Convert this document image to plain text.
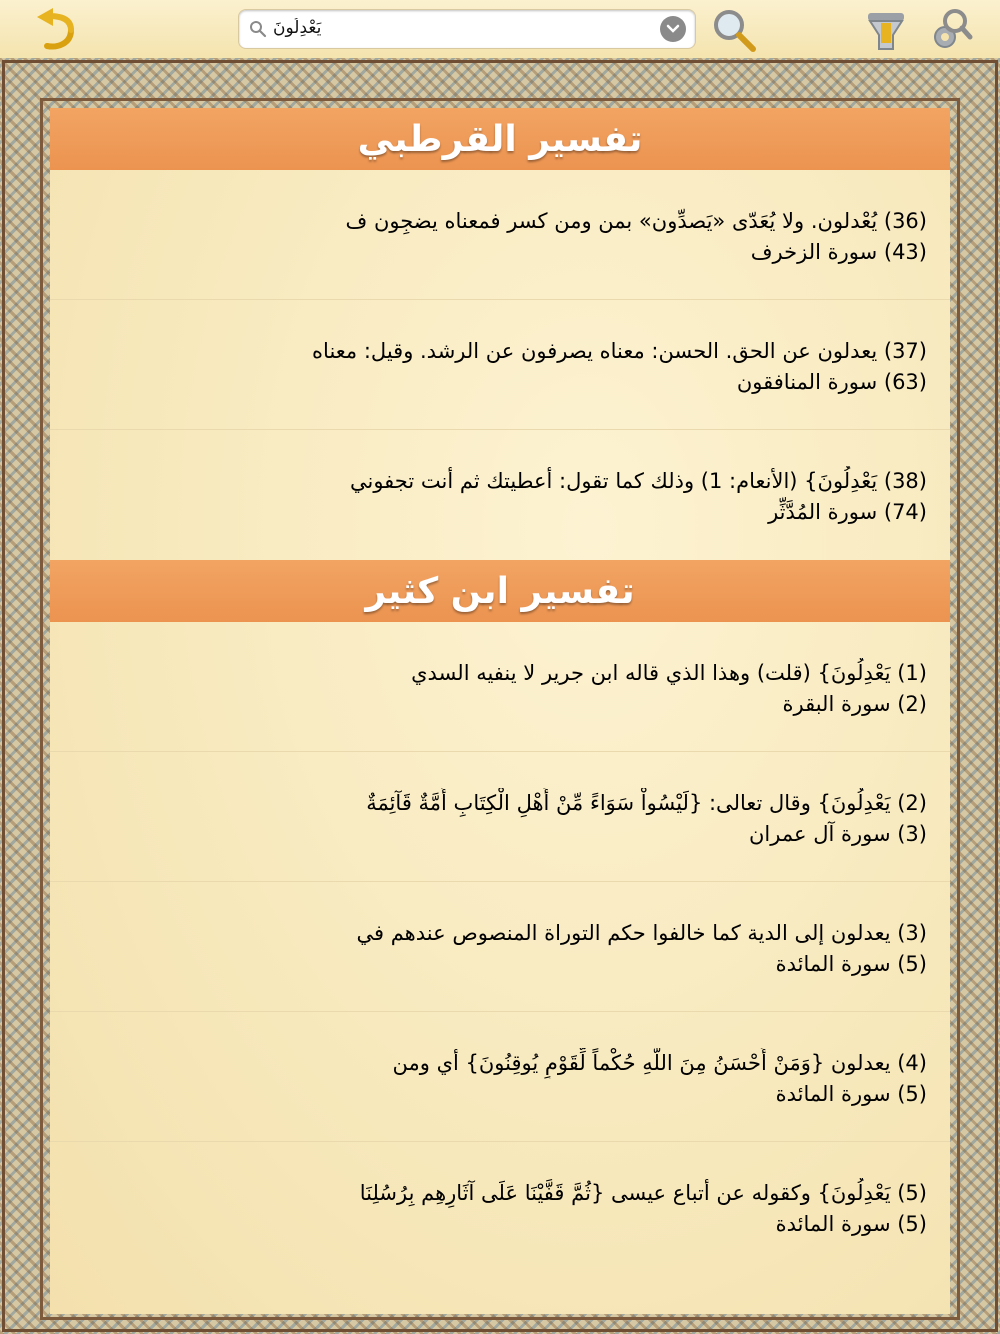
يَعْدِلُونَ
تفسير القرطبي
(36) يُعْدلون. ولا يُعَدّى «يَصدِّون» بمن ومن كسر فمعناه يضجِون ف
(43) سورة الزخرف
(37) يعدلون عن الحق. الحسن: معناه يصرفون عن الرشد. وقيل: معناه
(63) سورة المنافقون
(38) يَعْدِلُونَ} (الأنعام: 1) وذلك كما تقول: أعطيتك ثم أنت تجفوني
(74) سورة المُدَّثِّر
تفسير ابن كثير
(1) يَعْدِلُونَ} (قلت) وهذا الذي قاله ابن جرير لا ينفيه السدي
(2) سورة البقرة
(2) يَعْدِلُونَ} وقال تعالى: {لَيْسُواْ سَوَاءً مِّنْ أَهْلِ الْكِتَابِ أُمَّةٌ قَآئِمَةٌ
(3) سورة آل عمران
(3) يعدلون إلى الدية كما خالفوا حكم التوراة المنصوص عندهم في
(5) سورة المائدة
(4) يعدلون {وَمَنْ أَحْسَنُ مِنَ اللَّهِ حُكْماً لِّقَوْمٍ يُوقِنُونَ} أي ومن
(5) سورة المائدة
(5) يَعْدِلُونَ} وكقوله عن أتباع عيسى {ثُمَّ قَفَّيْنَا عَلَى آثَارِهِم بِرُسُلِنَا
(5) سورة المائدة
